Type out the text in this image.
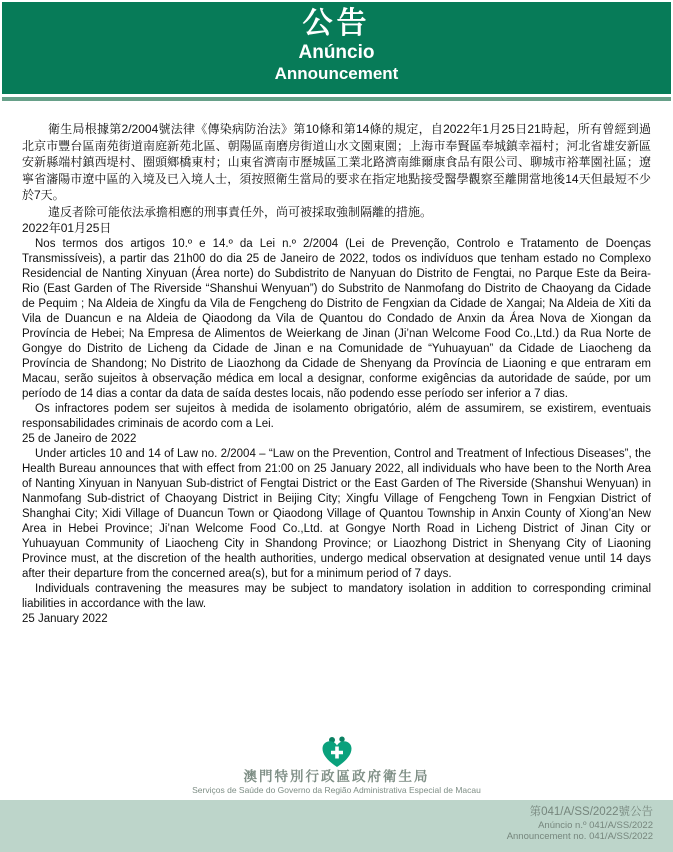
公告
Anúncio
Announcement

衛生局根據第2/2004號法律《傳染病防治法》第10條和第14條的規定，自2022年1月25日21時起，所有曾經到過北京市豐台區南苑街道南庭新苑北區、朝陽區南磨房街道山水文園東園；上海市奉賢區奉城鎮幸福村；河北省雄安新區安新縣端村鎮西堤村、圈頭鄉橋東村；山東省濟南市歷城區工業北路濟南維爾康食品有限公司、聊城市裕華園社區；遼寧省瀋陽市遼中區的入境及已入境人士，須按照衛生當局的要求在指定地點接受醫學觀察至離開當地後14天但最短不少於7天。

違反者除可能依法承擔相應的刑事責任外，尚可被採取強制隔離的措施。

2022年01月25日

Nos termos dos artigos 10.º e 14.º da Lei n.º 2/2004 (Lei de Prevenção, Controlo e Tratamento de Doenças Transmissíveis), a partir das 21h00 do dia 25 de Janeiro de 2022, todos os indivíduos que tenham estado no Complexo Residencial de Nanting Xinyuan (Área norte) do Subdistrito de Nanyuan do Distrito de Fengtai, no Parque Este da Beira-Rio (East Garden of The Riverside “Shanshui Wenyuan”) do Substrito de Nanmofang do Distrito de Chaoyang da Cidade de Pequim ; Na Aldeia de Xingfu da Vila de Fengcheng do Distrito de Fengxian da Cidade de Xangai; Na Aldeia de Xiti da Vila de Duancun e na Aldeia de Qiaodong da Vila de Quantou do Condado de Anxin da Área Nova de Xiongan da Província de Hebei; Na Empresa de Alimentos de Weierkang de Jinan (Ji’nan Welcome Food Co.,Ltd.) da Rua Norte de Gongye do Distrito de Licheng da Cidade de Jinan e na Comunidade de “Yuhuayuan” da Cidade de Liaocheng da Província de Shandong; No Distrito de Liaozhong da Cidade de Shenyang da Província de Liaoning e que entraram em Macau, serão sujeitos à observação médica em local a designar, conforme exigências da autoridade de saúde, por um período de 14 dias a contar da data de saída destes locais, não podendo esse período ser inferior a 7 dias.

Os infractores podem ser sujeitos à medida de isolamento obrigatório, além de assumirem, se existirem, eventuais responsabilidades criminais de acordo com a Lei.

25 de Janeiro de 2022

Under articles 10 and 14 of Law no. 2/2004 – “Law on the Prevention, Control and Treatment of Infectious Diseases”, the Health Bureau announces that with effect from 21:00 on 25 January 2022, all individuals who have been to the North Area of Nanting Xinyuan in Nanyuan Sub-district of Fengtai District or the East Garden of The Riverside (Shanshui Wenyuan) in Nanmofang Sub-district of Chaoyang District in Beijing City; Xingfu Village of Fengcheng Town in Fengxian District of Shanghai City; Xidi Village of Duancun Town or Qiaodong Village of Quantou Township in Anxin County of Xiong’an New Area in Hebei Province; Ji’nan Welcome Food Co.,Ltd. at Gongye North Road in Licheng District of Jinan City or Yuhuayuan Community of Liaocheng City in Shandong Province; or Liaozhong District in Shenyang City of Liaoning Province must, at the discretion of the health authorities, undergo medical observation at designated venue until 14 days after their departure from the concerned area(s), but for a minimum period of 7 days.

Individuals contravening the measures may be subject to mandatory isolation in addition to corresponding criminal liabilities in accordance with the law.

25 January 2022

澳門特別行政區政府衛生局
Serviços de Saúde do Governo da Região Administrativa Especial de Macau
第041/A/SS/2022號公告
Anúncio n.º 041/A/SS/2022
Announcement no. 041/A/SS/2022
